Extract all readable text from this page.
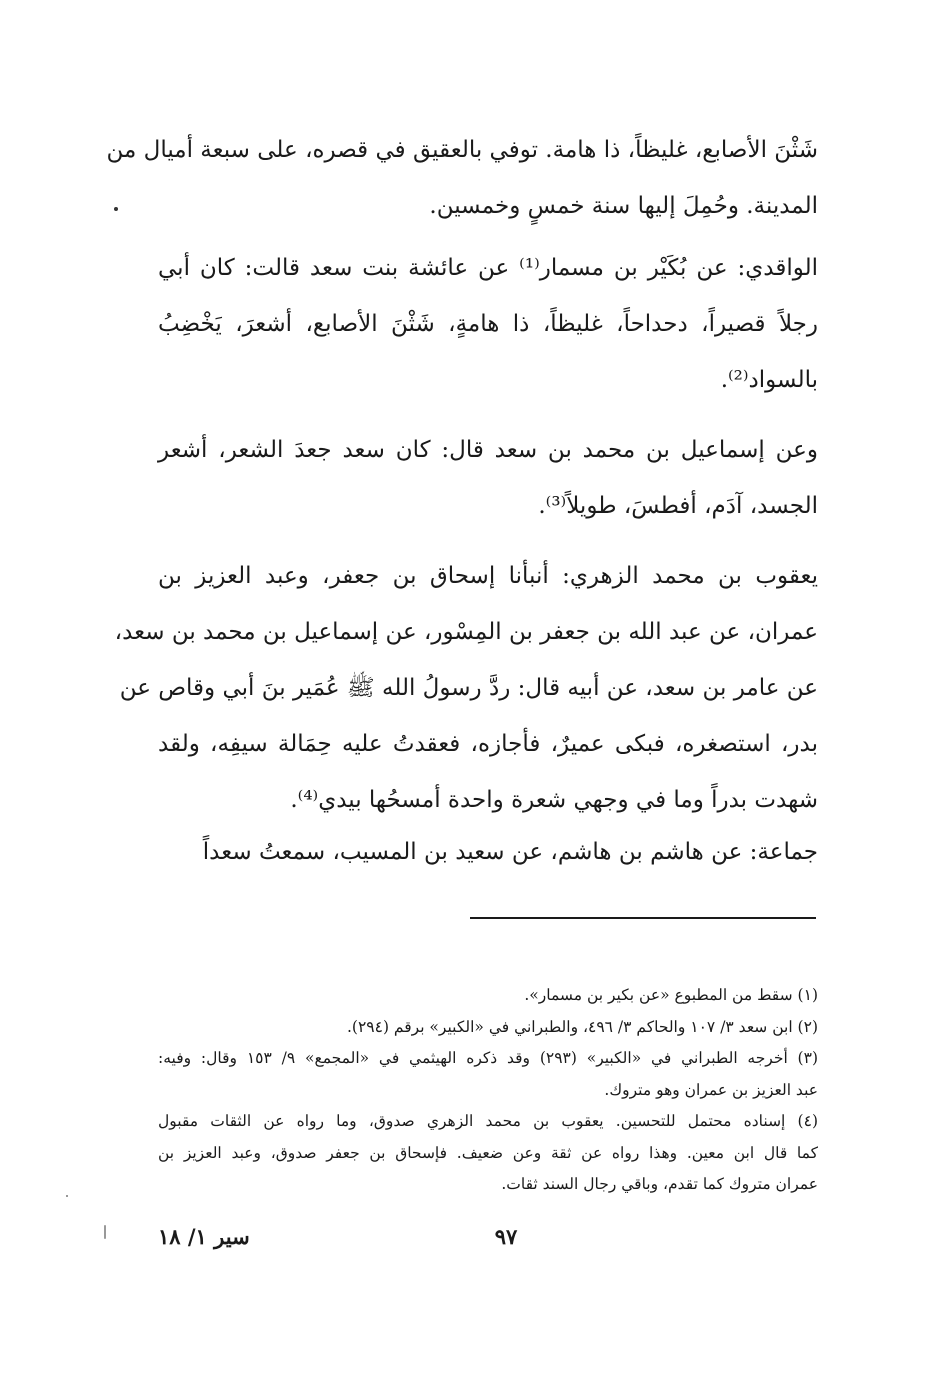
شَثْنَ الأصابع، غليظاً، ذا هامة. توفي بالعقيق في قصره، على سبعة أميال من
المدينة. وحُمِلَ إليها سنة خمسٍ وخمسين.
الواقدي: عن بُكَيْر بن مسمار⁽¹⁾ عن عائشة بنت سعد قالت: كان أبي
رجلاً قصيراً، دحداحاً، غليظاً، ذا هامةٍ، شَثْنَ الأصابع، أشعرَ، يَخْضِبُ
بالسواد⁽²⁾.
وعن إسماعيل بن محمد بن سعد قال: كان سعد جعدَ الشعر، أشعر
الجسد، آدَم، أفطسَ، طويلاً⁽³⁾.
يعقوب بن محمد الزهري: أنبأنا إسحاق بن جعفر، وعبد العزيز بن
عمران، عن عبد الله بن جعفر بن المِسْور، عن إسماعيل بن محمد بن سعد،
عن عامر بن سعد، عن أبيه قال: ردَّ رسولُ الله ﷺ عُمَير بنَ أبي وقاص عن
بدر، استصغره، فبكى عميرٌ، فأجازه، فعقدتُ عليه حِمَالة سيفِه، ولقد
شهدت بدراً وما في وجهي شعرة واحدة أمسحُها بيدي⁽⁴⁾.
جماعة: عن هاشم بن هاشم، عن سعيد بن المسيب، سمعتُ سعداً
(١) سقط من المطبوع «عن بكير بن مسمار».
(٢) ابن سعد ٣/ ١٠٧ والحاكم ٣/ ٤٩٦، والطبراني في «الكبير» برقم (٢٩٤).
(٣) أخرجه الطبراني في «الكبير» (٢٩٣) وقد ذكره الهيثمي في «المجمع» ٩/ ١٥٣ وقال: وفيه:
عبد العزيز بن عمران وهو متروك.
(٤) إسناده محتمل للتحسين. يعقوب بن محمد الزهري صدوق، وما رواه عن الثقات مقبول
كما قال ابن معين. وهذا رواه عن ثقة وعن ضعيف. فإسحاق بن جعفر صدوق، وعبد العزيز بن
عمران متروك كما تقدم، وباقي رجال السند ثقات.
٩٧
سير ١/ ١٨
